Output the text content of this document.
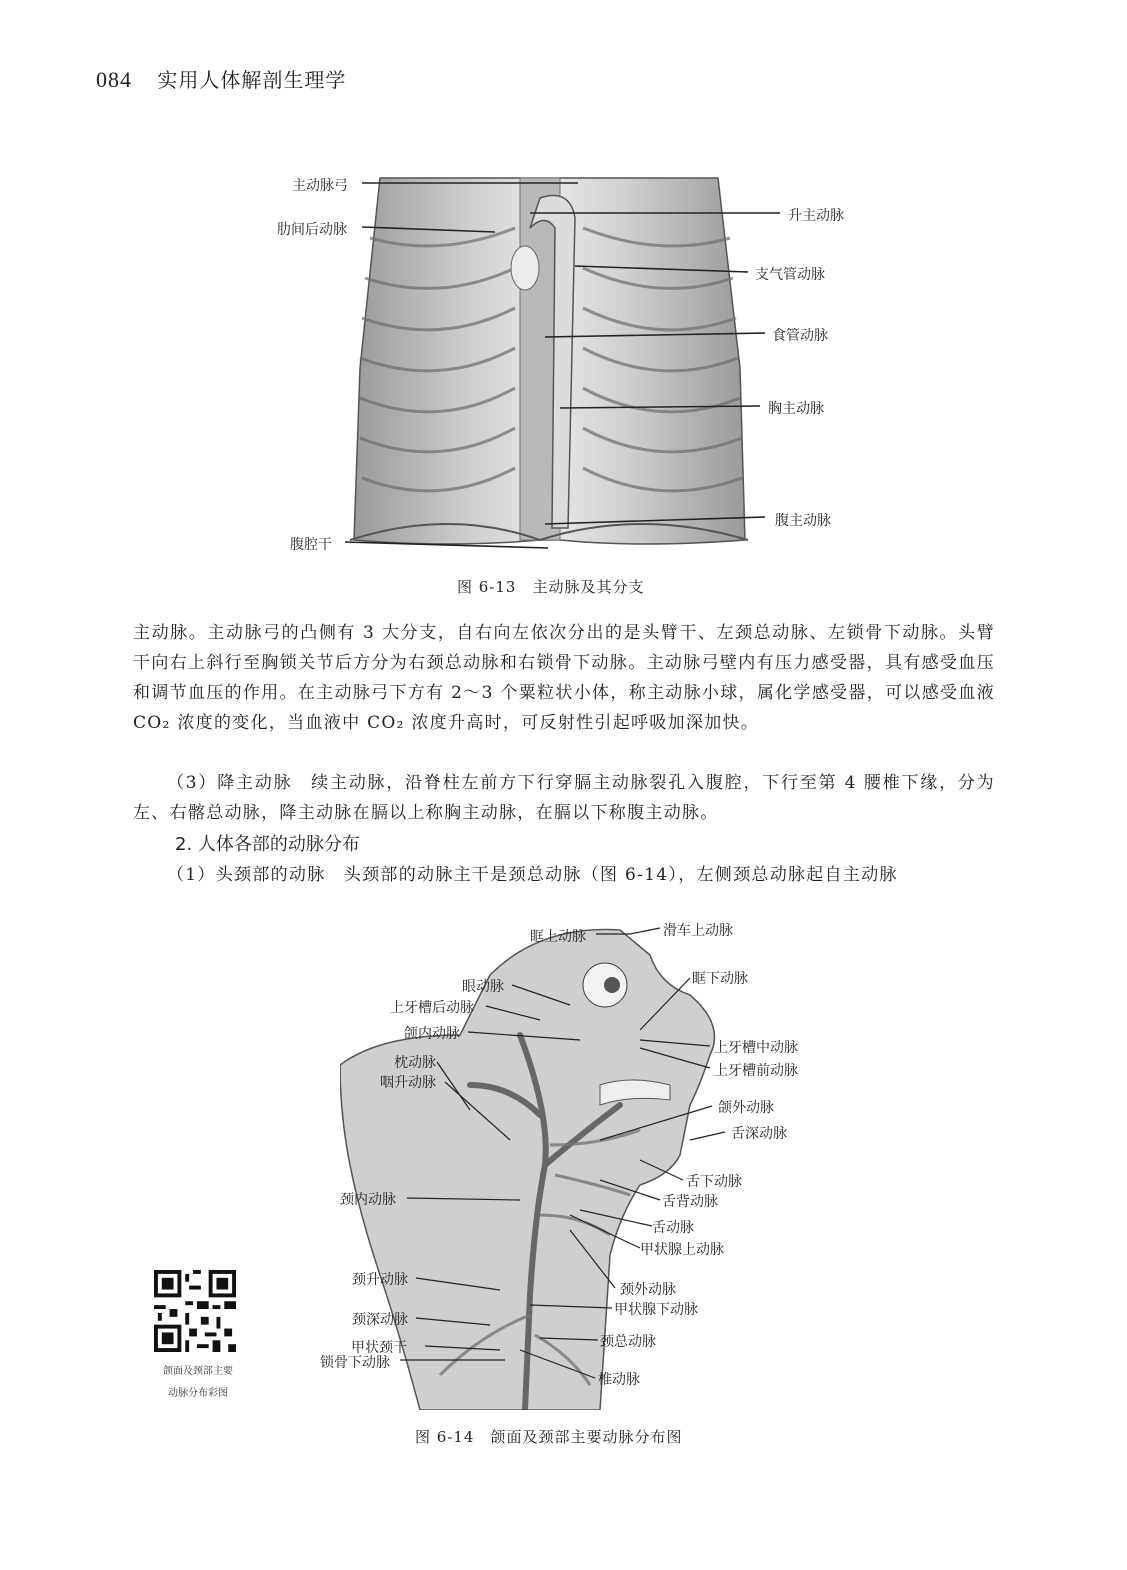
084 实用人体解剖生理学
主动脉弓
肋间后动脉
升主动脉
支气管动脉
食管动脉
胸主动脉
腹主动脉
腹腔干
图 6-13　主动脉及其分支

主动脉。主动脉弓的凸侧有 3 大分支，自右向左依次分出的是头臂干、左颈总动脉、左锁骨下动脉。头臂干向右上斜行至胸锁关节后方分为右颈总动脉和右锁骨下动脉。主动脉弓壁内有压力感受器，具有感受血压和调节血压的作用。在主动脉弓下方有 2～3 个粟粒状小体，称主动脉小球，属化学感受器，可以感受血液 CO₂ 浓度的变化，当血液中 CO₂ 浓度升高时，可反射性引起呼吸加深加快。

（3）降主动脉　续主动脉，沿脊柱左前方下行穿膈主动脉裂孔入腹腔，下行至第 4 腰椎下缘，分为左、右髂总动脉，降主动脉在膈以上称胸主动脉，在膈以下称腹主动脉。

2. 人体各部的动脉分布

（1）头颈部的动脉　头颈部的动脉主干是颈总动脉（图 6-14），左侧颈总动脉起自主动脉

眶上动脉	滑车上动脉
眶下动脉
眼动脉
上牙槽后动脉
颌内动脉
上牙槽中动脉
上牙槽前动脉
枕动脉
咽升动脉
颌外动脉
舌深动脉
舌下动脉
舌背动脉
颈内动脉
舌动脉
甲状腺上动脉
颈升动脉
颈外动脉
甲状腺下动脉
颈深动脉
颈总动脉
甲状颈干
锁骨下动脉
椎动脉
图 6-14　颌面及颈部主要动脉分布图
颌面及颈部主要
动脉分布彩图
